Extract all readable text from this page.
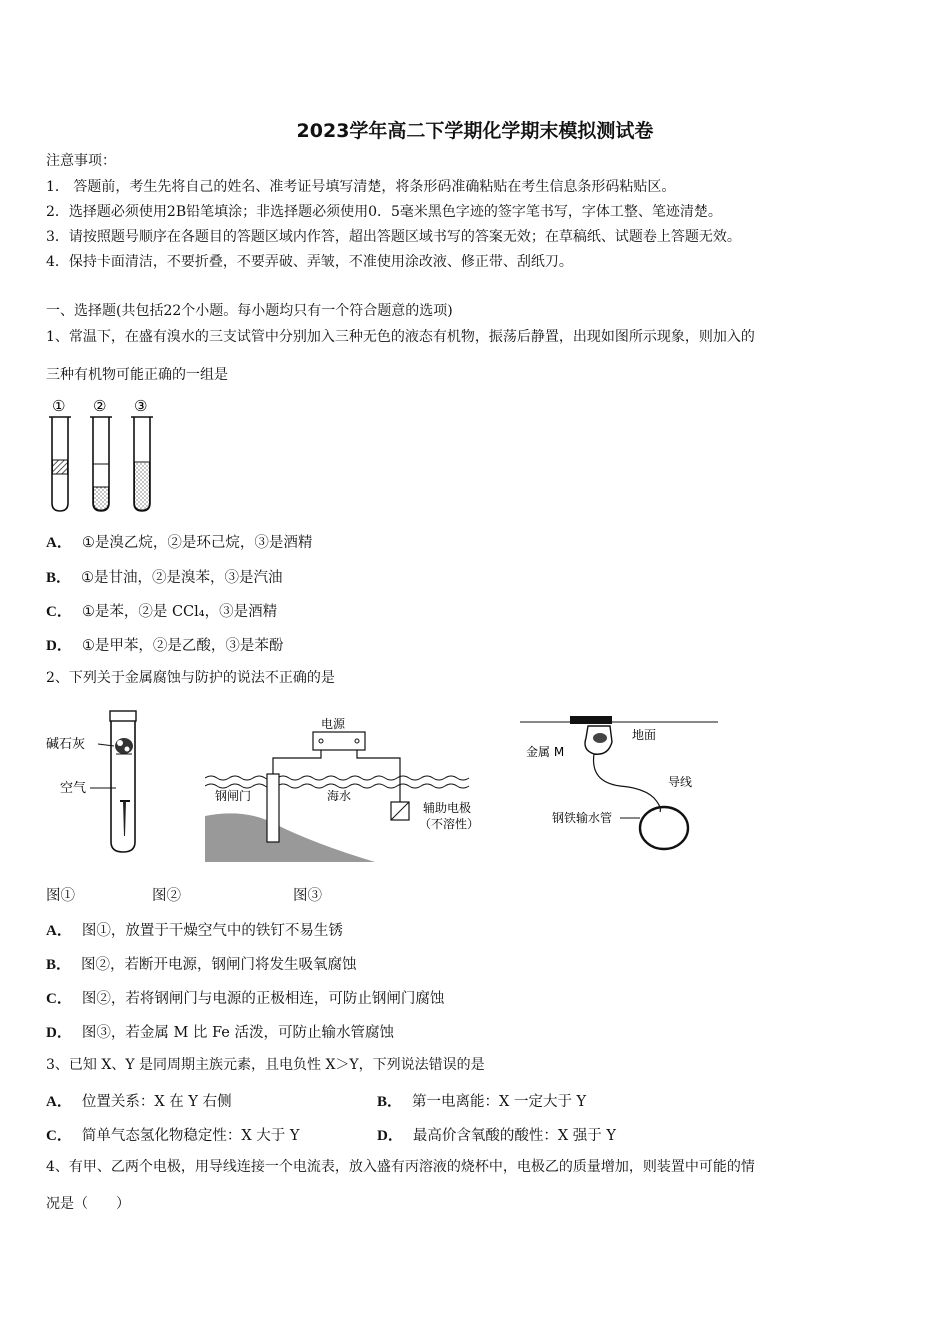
2023学年高二下学期化学期末模拟测试卷
注意事项：
1． 答题前，考生先将自己的姓名、准考证号填写清楚，将条形码准确粘贴在考生信息条形码粘贴区。
2．选择题必须使用2B铅笔填涂；非选择题必须使用0．5毫米黑色字迹的签字笔书写，字体工整、笔迹清楚。
3．请按照题号顺序在各题目的答题区域内作答，超出答题区域书写的答案无效；在草稿纸、试题卷上答题无效。
4．保持卡面清洁，不要折叠，不要弄破、弄皱，不准使用涂改液、修正带、刮纸刀。
一、选择题(共包括22个小题。每小题均只有一个符合题意的选项)
1、常温下，在盛有溴水的三支试管中分别加入三种无色的液态有机物，振荡后静置，出现如图所示现象，则加入的
三种有机物可能正确的一组是
① ② ③
A． ①是溴乙烷，②是环己烷，③是酒精
B． ①是甘油，②是溴苯，③是汽油
C． ①是苯，②是 CCl₄，③是酒精
D． ①是甲苯，②是乙酸，③是苯酚
2、下列关于金属腐蚀与防护的说法不正确的是
碱石灰
空气
电源
钢闸门	海水
辅助电极
（不溶性）
地面
金属 M
导线
钢铁输水管
图①	图②	图③
A． 图①，放置于干燥空气中的铁钉不易生锈
B． 图②，若断开电源，钢闸门将发生吸氧腐蚀
C． 图②，若将钢闸门与电源的正极相连，可防止钢闸门腐蚀
D． 图③，若金属 M 比 Fe 活泼，可防止输水管腐蚀
3、已知 X、Y 是同周期主族元素，且电负性 X＞Y，下列说法错误的是
A． 位置关系：X 在 Y 右侧	B． 第一电离能：X 一定大于 Y
C． 简单气态氢化物稳定性：X 大于 Y	D． 最高价含氧酸的酸性：X 强于 Y
4、有甲、乙两个电极，用导线连接一个电流表，放入盛有丙溶液的烧杯中，电极乙的质量增加，则装置中可能的情
况是（　　）
